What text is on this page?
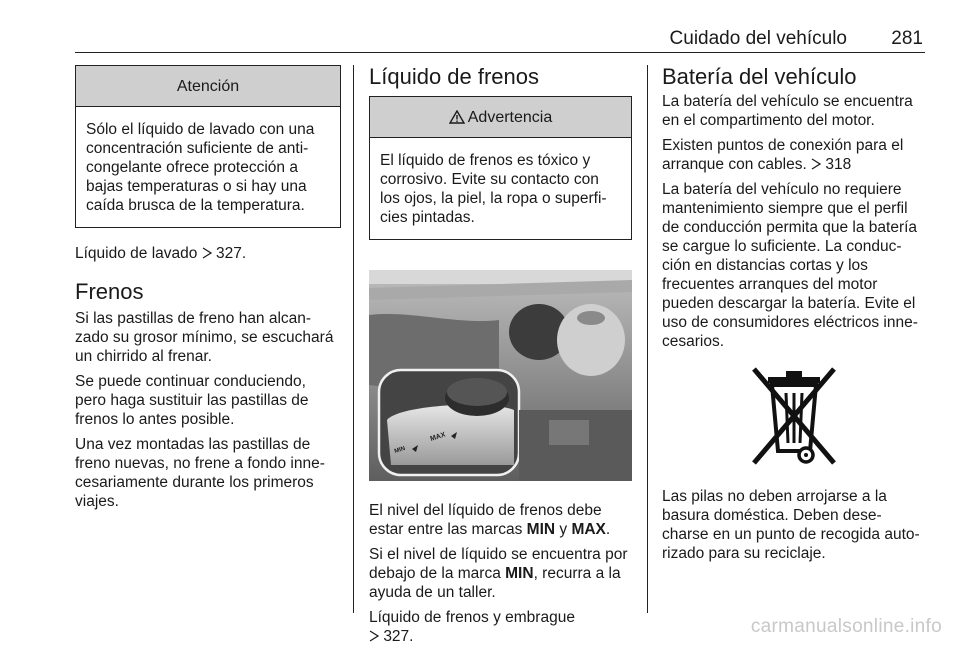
Cuidado del vehículo 281
Atención
Sólo el líquido de lavado con una concentración suficiente de anti- congelante ofrece protección a bajas temperaturas o si hay una caída brusca de la temperatura.

Líquido de lavado 327.

Frenos

Si las pastillas de freno han alcan- zado su grosor mínimo, se escuchará un chirrido al frenar.

Se puede continuar conduciendo, pero haga sustituir las pastillas de frenos lo antes posible.

Una vez montadas las pastillas de freno nuevas, no frene a fondo inne- cesariamente durante los primeros viajes.

Líquido de frenos
Advertencia
El líquido de frenos es tóxico y corrosivo. Evite su contacto con los ojos, la piel, la ropa o superfi- cies pintadas.
MAX
MIN

El nivel del líquido de frenos debe estar entre las marcas MIN y MAX.

Si el nivel de líquido se encuentra por debajo de la marca MIN, recurra a la ayuda de un taller.

Líquido de frenos y embrague
327.

Batería del vehículo

La batería del vehículo se encuentra en el compartimento del motor.

Existen puntos de conexión para el arranque con cables. 318

La batería del vehículo no requiere mantenimiento siempre que el perfil de conducción permita que la batería se cargue lo suficiente. La conduc- ción en distancias cortas y los frecuentes arranques del motor pueden descargar la batería. Evite el uso de consumidores eléctricos inne- cesarios.

Las pilas no deben arrojarse a la basura doméstica. Deben dese- charse en un punto de recogida auto- rizado para su reciclaje.

carmanualsonline.info
